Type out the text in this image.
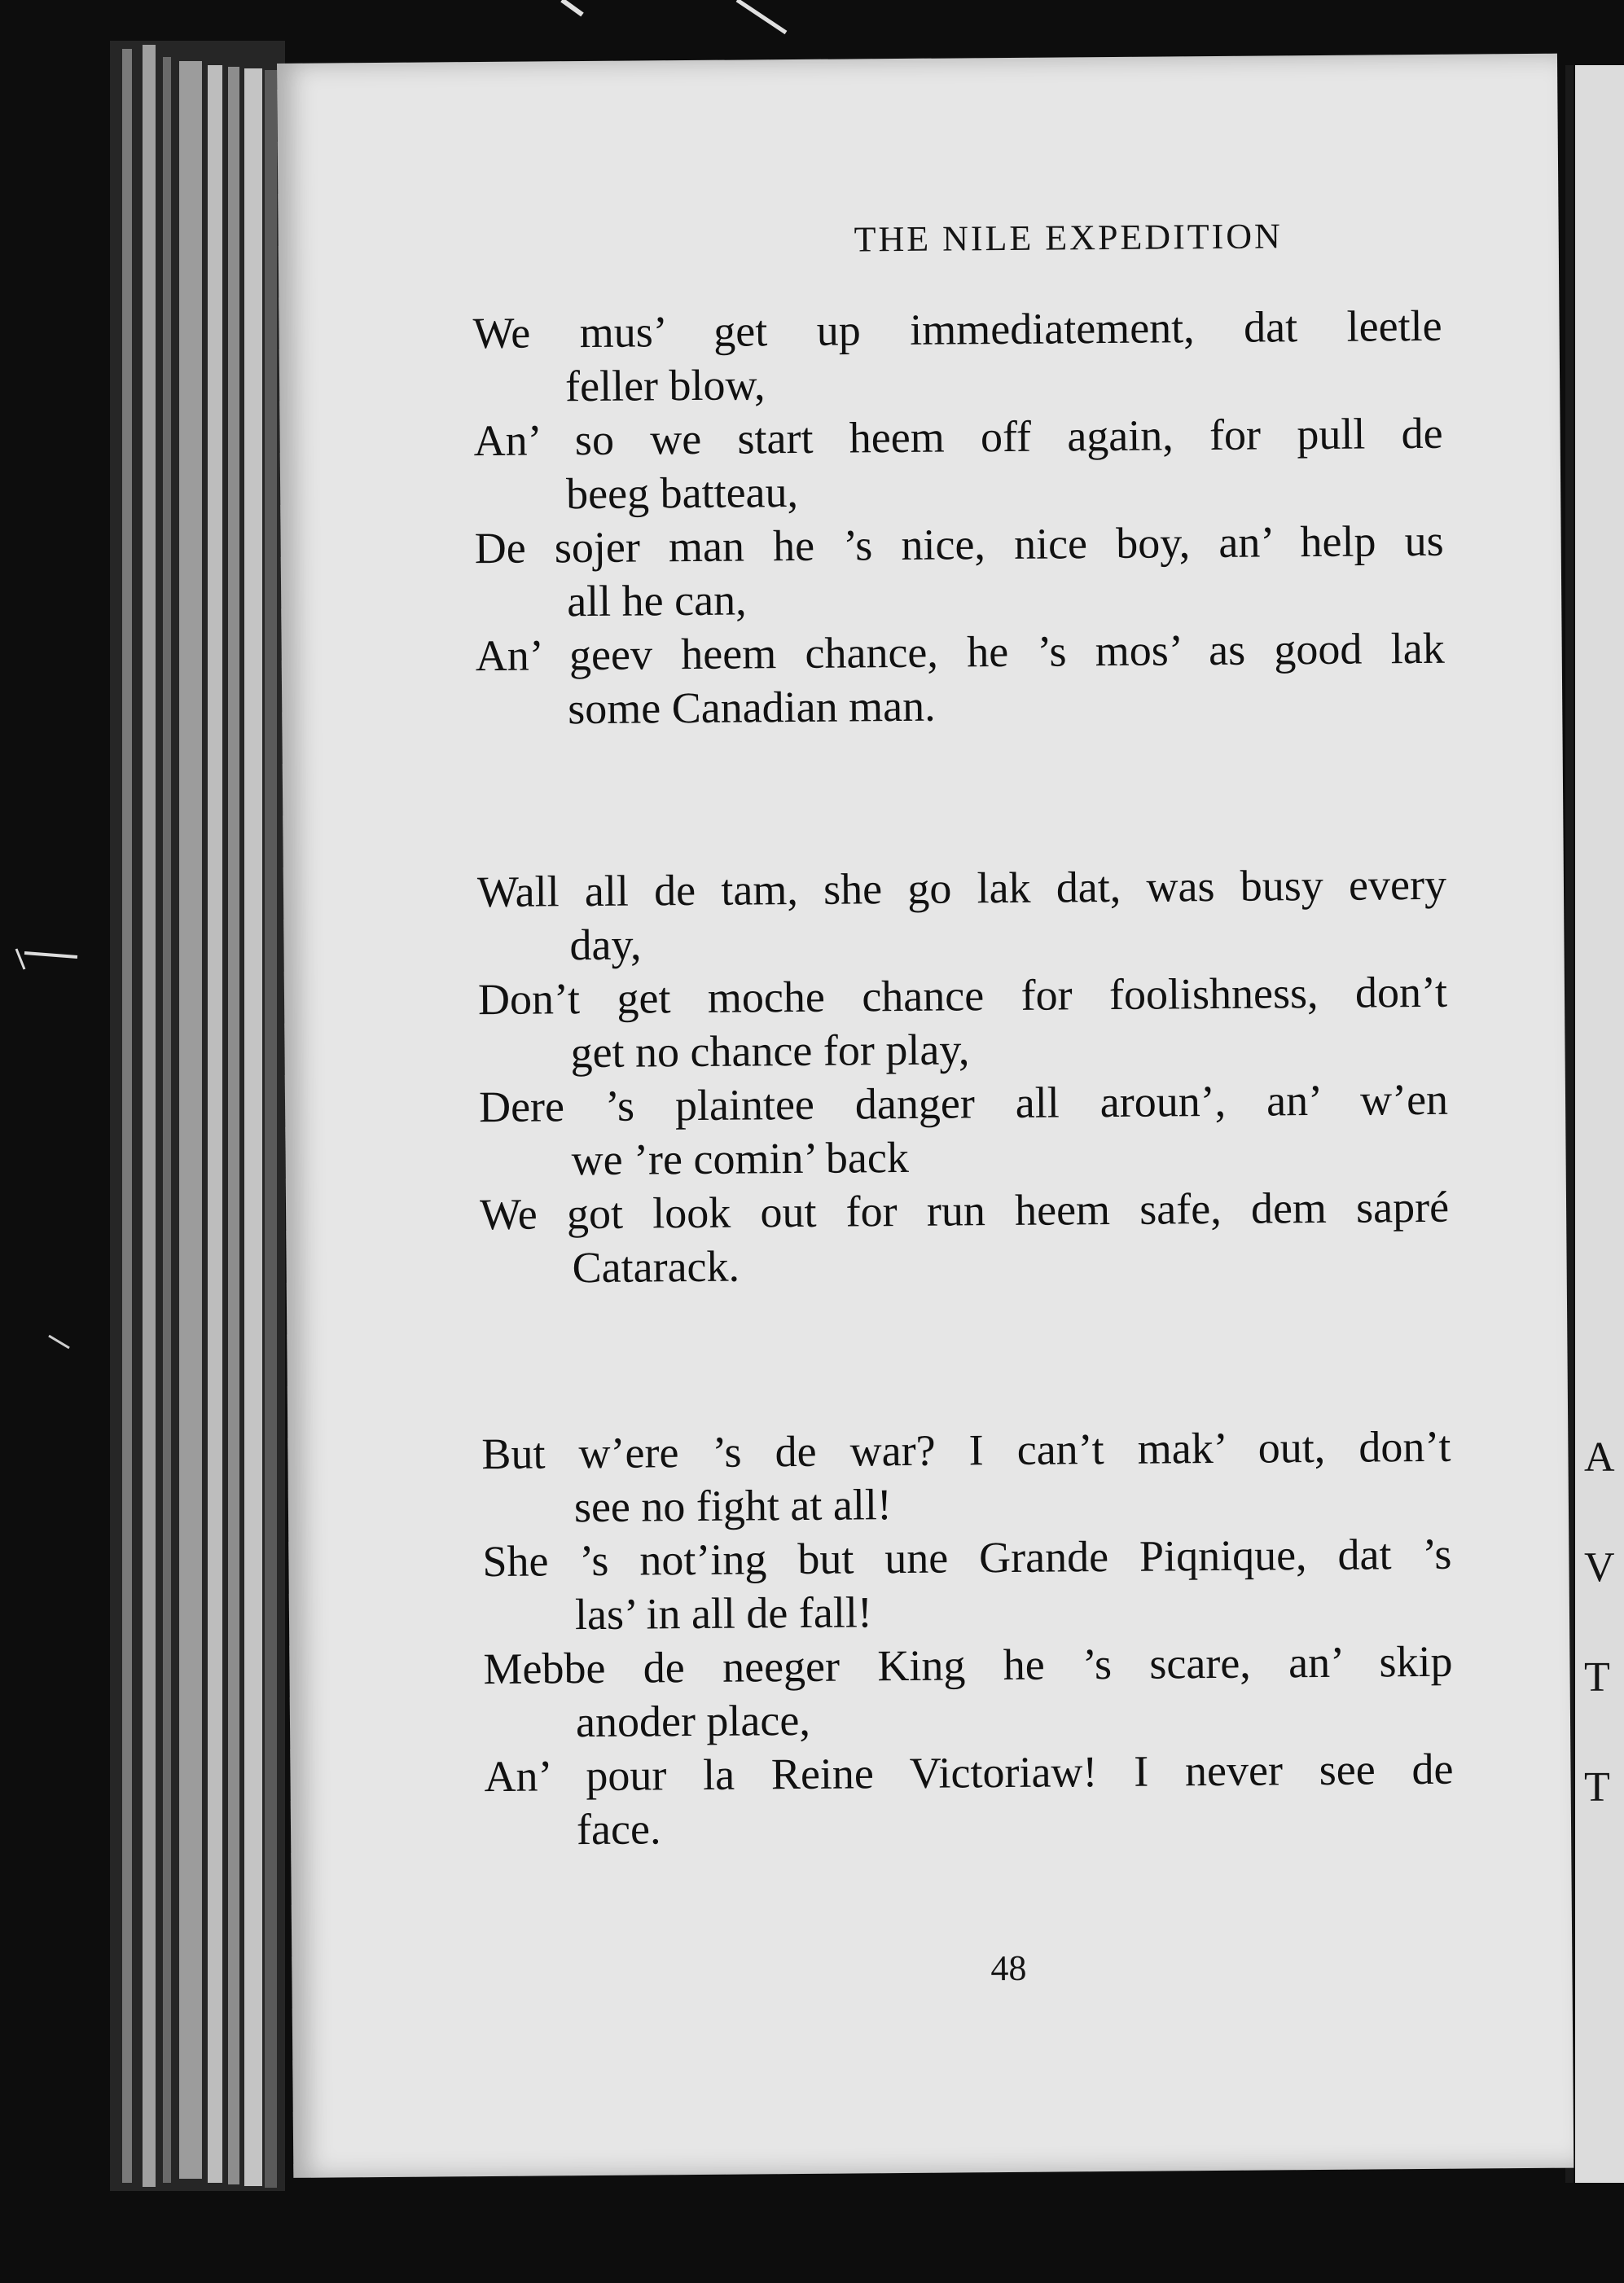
A
V
T
T
THE NILE EXPEDITION
We mus’ get up immediatement, dat leetle
feller blow,
An’ so we start heem off again, for pull de
beeg batteau,
De sojer man he ’s nice, nice boy, an’ help us
all he can,
An’ geev heem chance, he ’s mos’ as good lak
some Canadian man.
Wall all de tam, she go lak dat, was busy every
day,
Don’t get moche chance for foolishness, don’t
get no chance for play,
Dere ’s plaintee danger all aroun’, an’ w’en
we ’re comin’ back
We got look out for run heem safe, dem sapré
Catarack.
But w’ere ’s de war? I can’t mak’ out, don’t
see no fight at all!
She ’s not’ing but une Grande Piqnique, dat ’s
las’ in all de fall!
Mebbe de neeger King he ’s scare, an’ skip
anoder place,
An’ pour la Reine Victoriaw! I never see de
face.
48
